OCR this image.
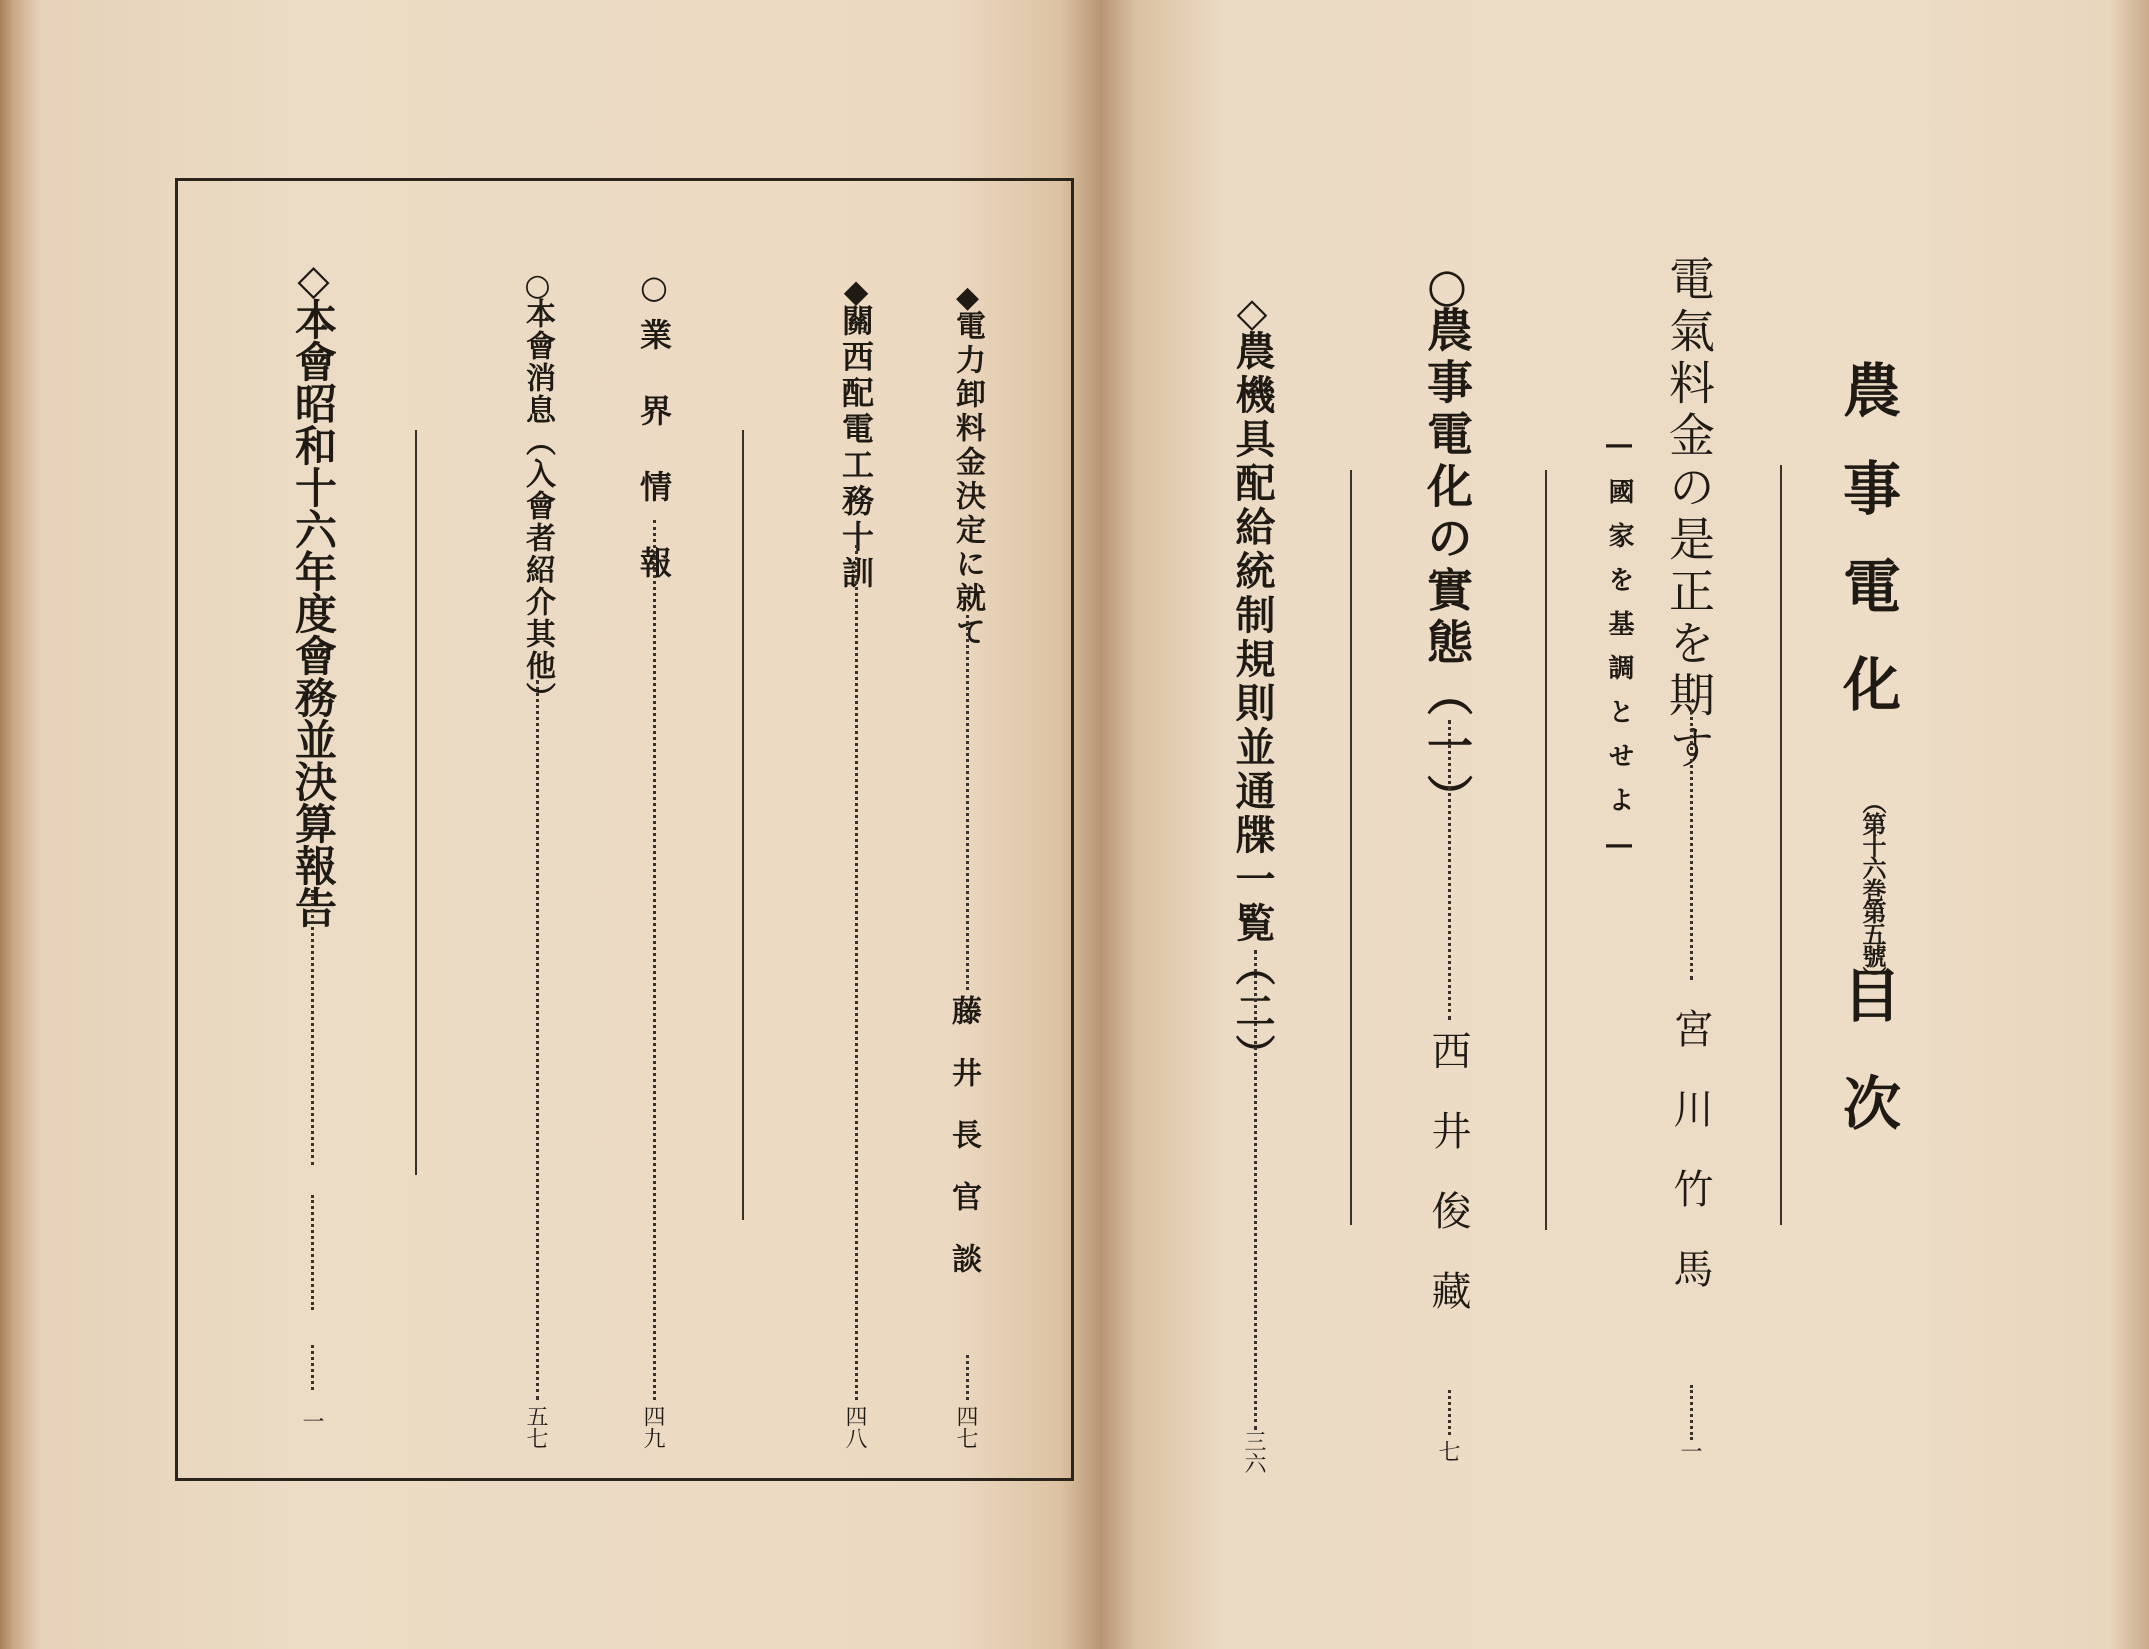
農事電化
（第十六巻第五號）
目次
電氣料金の是正を期す
―國家を基調とせよ―
宮川竹馬
一
○
農事電化の實態（一）
西井俊藏
七
◇
農機具配給統制規則並通牒一覧（二）
三六
◆
電力卸料金決定に就て
藤井長官談
四七
◆
關西配電工務十訓
四八
○
業界情報
四九
○
本會消息（入會者紹介其他）
五七
◇
本會昭和十六年度會務並決算報告
一
